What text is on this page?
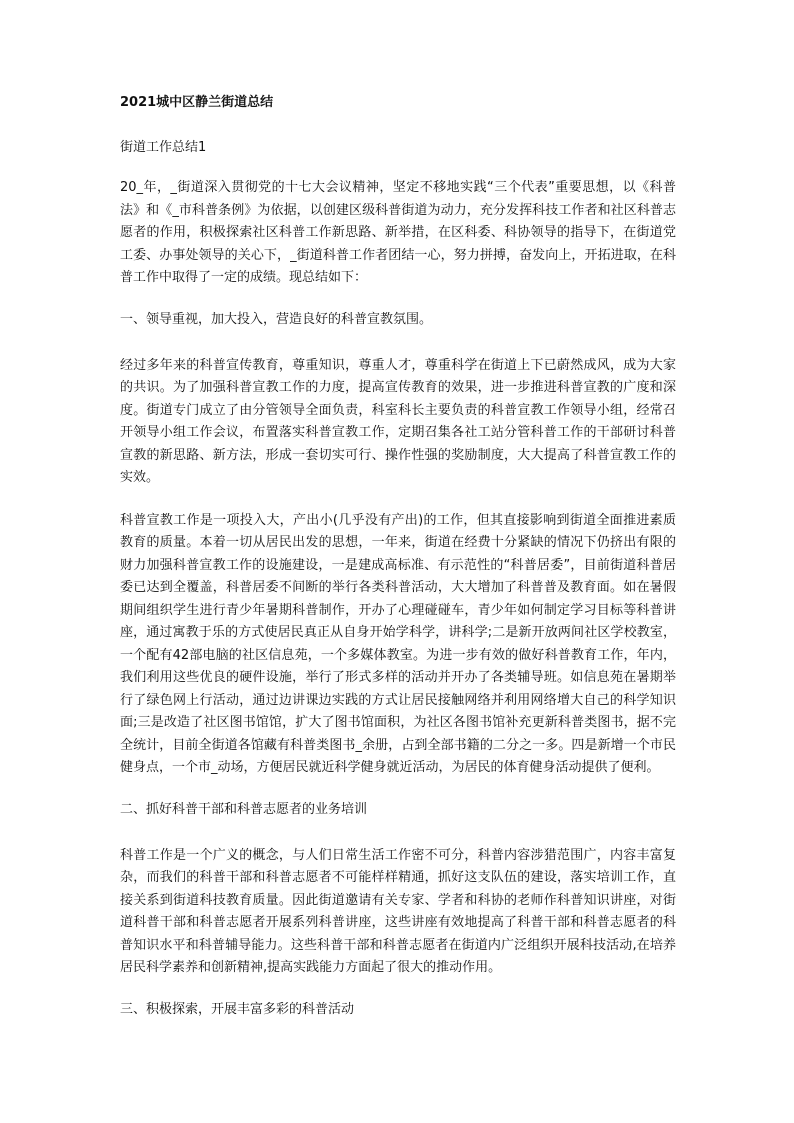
2021城中区静兰街道总结
街道工作总结1
20_年，_街道深入贯彻党的十七大会议精神，坚定不移地实践“三个代表”重要思想，以《科普法》和《_市科普条例》为依据，以创建区级科普街道为动力，充分发挥科技工作者和社区科普志愿者的作用，积极探索社区科普工作新思路、新举措，在区科委、科协领导的指导下，在街道党工委、办事处领导的关心下，_街道科普工作者团结一心，努力拼搏，奋发向上，开拓进取，在科普工作中取得了一定的成绩。现总结如下：
一、领导重视，加大投入，营造良好的科普宣教氛围。
经过多年来的科普宣传教育，尊重知识，尊重人才，尊重科学在街道上下已蔚然成风，成为大家的共识。为了加强科普宣教工作的力度，提高宣传教育的效果，进一步推进科普宣教的广度和深度。街道专门成立了由分管领导全面负责，科室科长主要负责的科普宣教工作领导小组，经常召开领导小组工作会议，布置落实科普宣教工作，定期召集各社工站分管科普工作的干部研讨科普宣教的新思路、新方法，形成一套切实可行、操作性强的奖励制度，大大提高了科普宣教工作的实效。
科普宣教工作是一项投入大，产出小(几乎没有产出)的工作，但其直接影响到街道全面推进素质教育的质量。本着一切从居民出发的思想，一年来，街道在经费十分紧缺的情况下仍挤出有限的财力加强科普宣教工作的设施建设，一是建成高标准、有示范性的“科普居委”，目前街道科普居委已达到全覆盖，科普居委不间断的举行各类科普活动，大大增加了科普普及教育面。如在暑假期间组织学生进行青少年暑期科普制作，开办了心理碰碰车，青少年如何制定学习目标等科普讲座，通过寓教于乐的方式使居民真正从自身开始学科学，讲科学;二是新开放两间社区学校教室，一个配有42部电脑的社区信息苑，一个多媒体教室。为进一步有效的做好科普教育工作，年内，我们利用这些优良的硬件设施，举行了形式多样的活动并开办了各类辅导班。如信息苑在暑期举行了绿色网上行活动，通过边讲课边实践的方式让居民接触网络并利用网络增大自己的科学知识面;三是改造了社区图书馆馆，扩大了图书馆面积，为社区各图书馆补充更新科普类图书，据不完全统计，目前全街道各馆藏有科普类图书_余册，占到全部书籍的二分之一多。四是新增一个市民健身点，一个市_动场，方便居民就近科学健身就近活动，为居民的体育健身活动提供了便利。
二、抓好科普干部和科普志愿者的业务培训
科普工作是一个广义的概念，与人们日常生活工作密不可分，科普内容涉猎范围广，内容丰富复杂，而我们的科普干部和科普志愿者不可能样样精通，抓好这支队伍的建设，落实培训工作，直接关系到街道科技教育质量。因此街道邀请有关专家、学者和科协的老师作科普知识讲座，对街道科普干部和科普志愿者开展系列科普讲座，这些讲座有效地提高了科普干部和科普志愿者的科普知识水平和科普辅导能力。这些科普干部和科普志愿者在街道内广泛组织开展科技活动,在培养居民科学素养和创新精神,提高实践能力方面起了很大的推动作用。
三、积极探索，开展丰富多彩的科普活动
